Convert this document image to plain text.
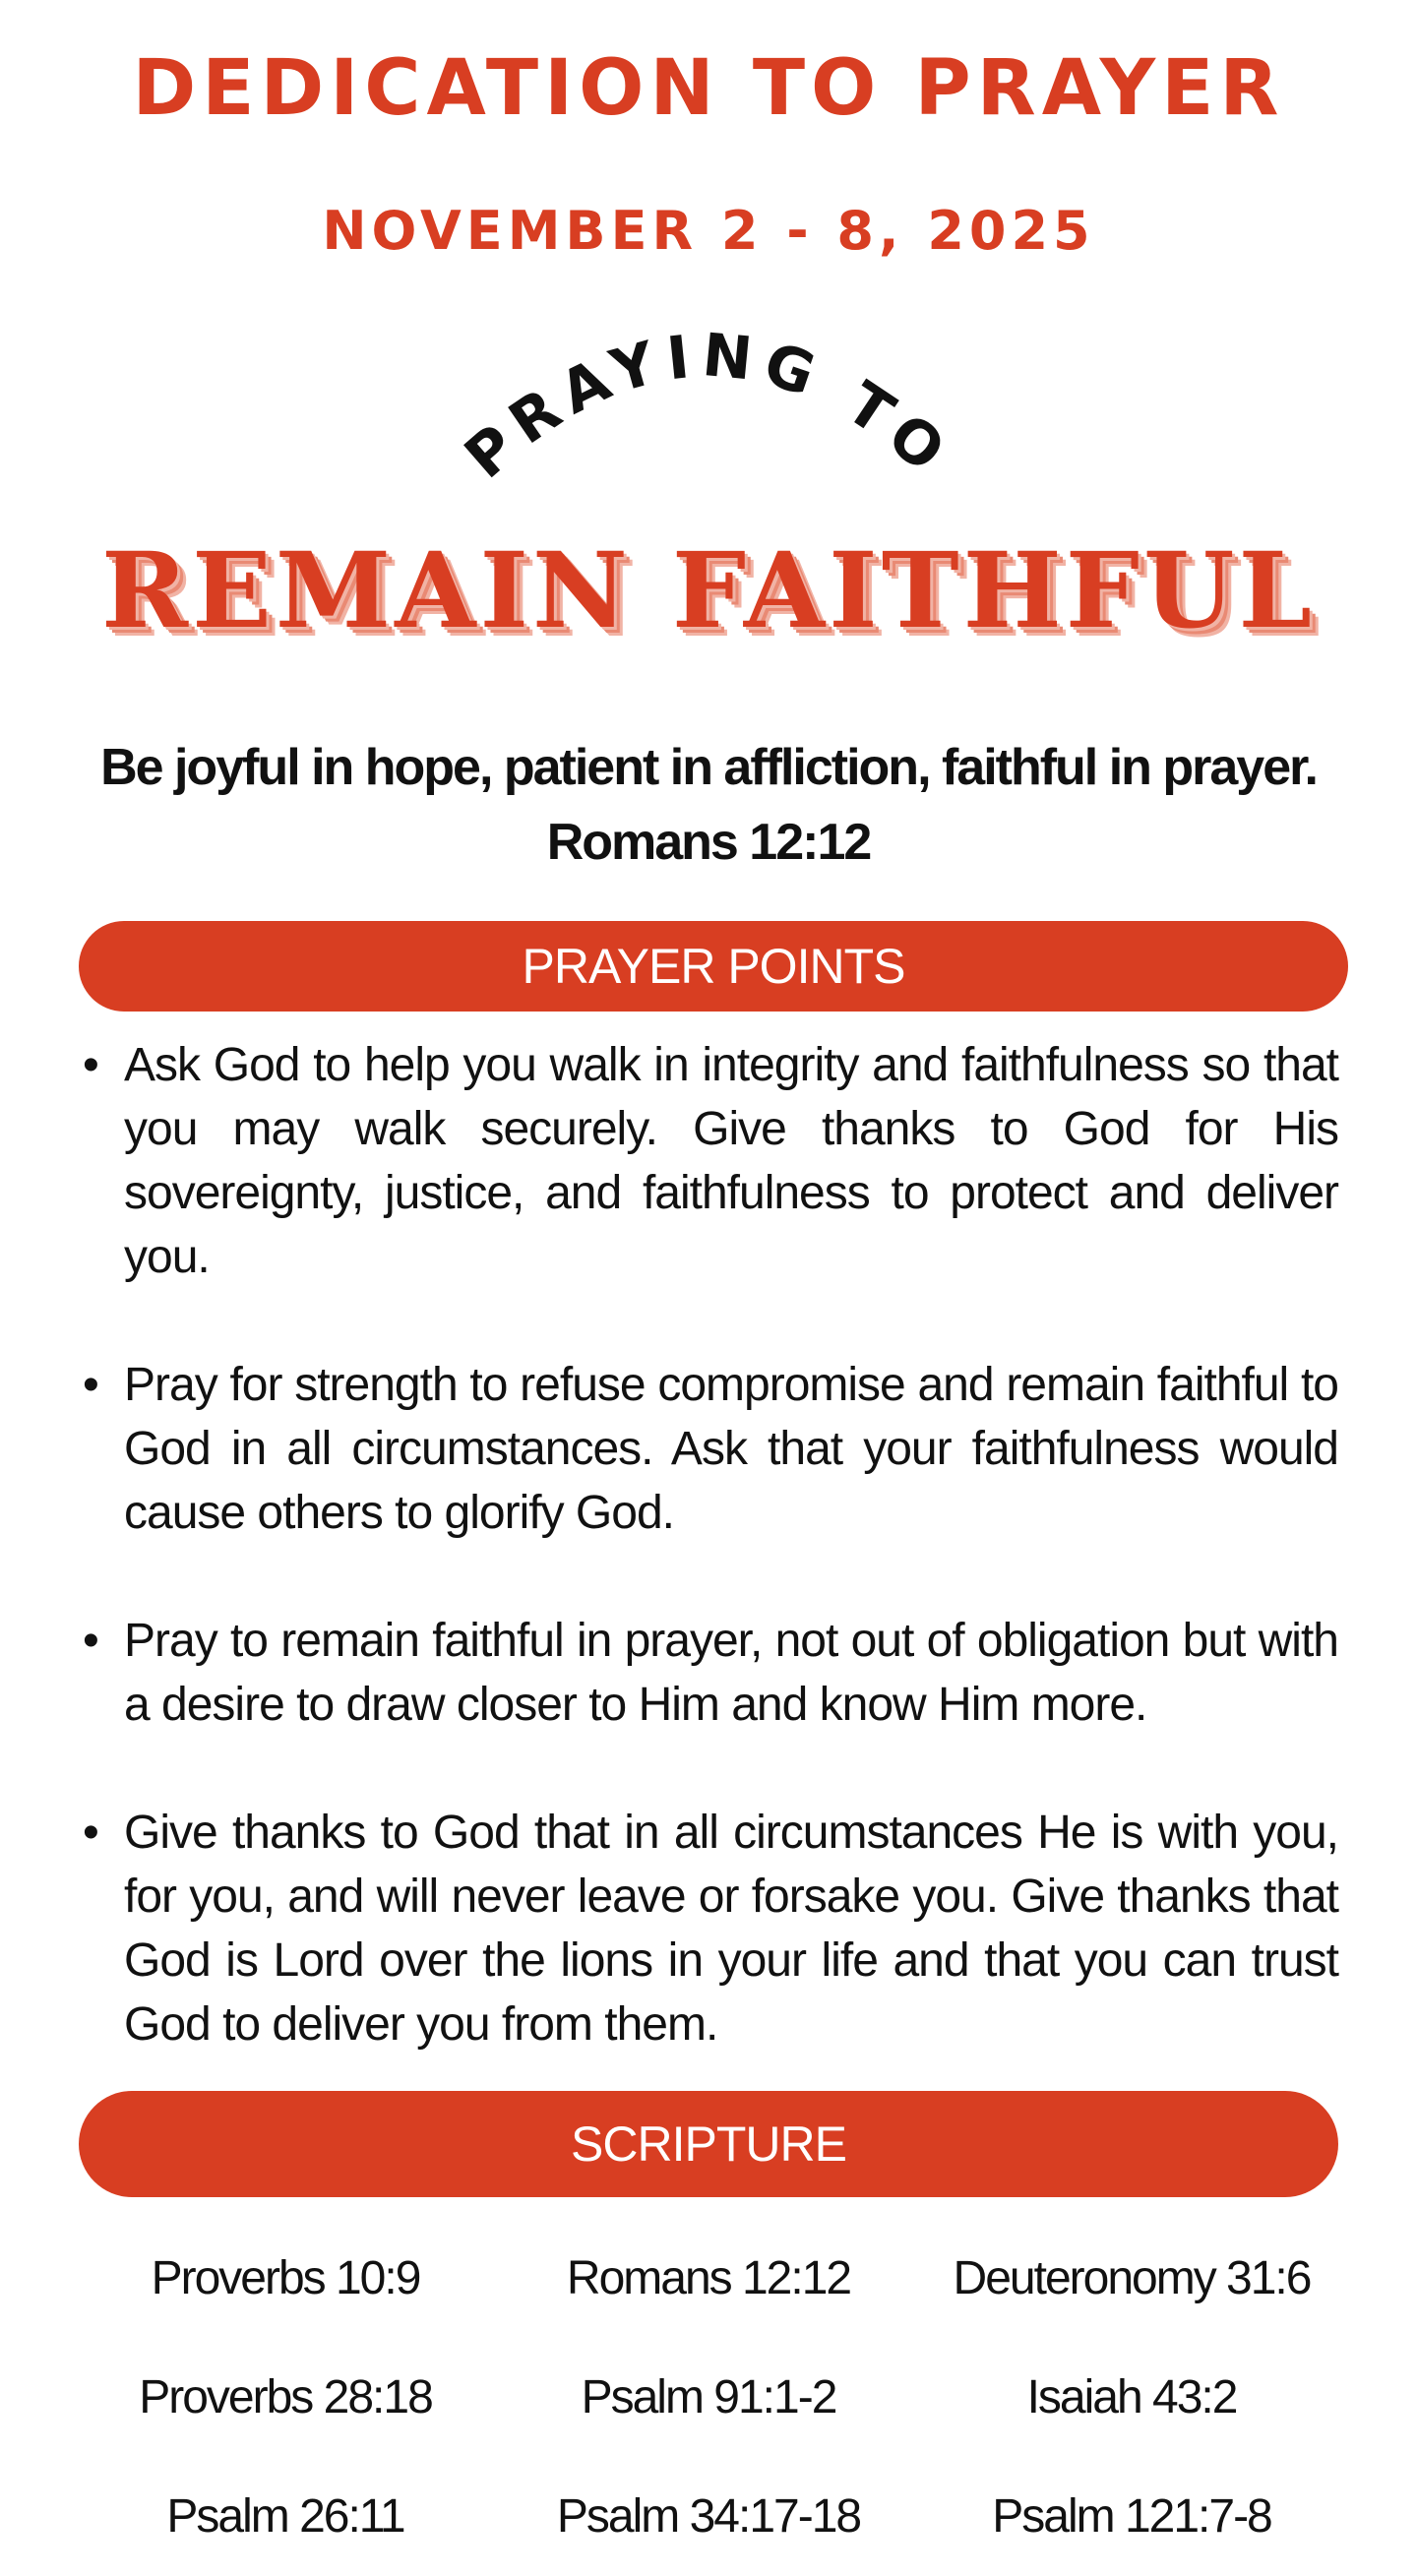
DEDICATION TO PRAYER
NOVEMBER 2 - 8, 2025
PRAYING TO
REMAIN FAITHFUL
Be joyful in hope, patient in affliction, faithful in prayer.
Romans 12:12
PRAYER POINTS
• Ask God to help you walk in integrity and faithfulness so that you may walk securely. Give thanks to God for His sovereignty, justice, and faithfulness to protect and deliver you.
• Pray for strength to refuse compromise and remain faithful to God in all circumstances. Ask that your faithfulness would cause others to glorify God.
• Pray to remain faithful in prayer, not out of obligation but with a desire to draw closer to Him and know Him more.
• Give thanks to God that in all circumstances He is with you, for you, and will never leave or forsake you. Give thanks that God is Lord over the lions in your life and that you can trust God to deliver you from them.
SCRIPTURE
Proverbs 10:9	Romans 12:12	Deuteronomy 31:6
Proverbs 28:18	Psalm 91:1-2	Isaiah 43:2
Psalm 26:11	Psalm 34:17-18	Psalm 121:7-8
